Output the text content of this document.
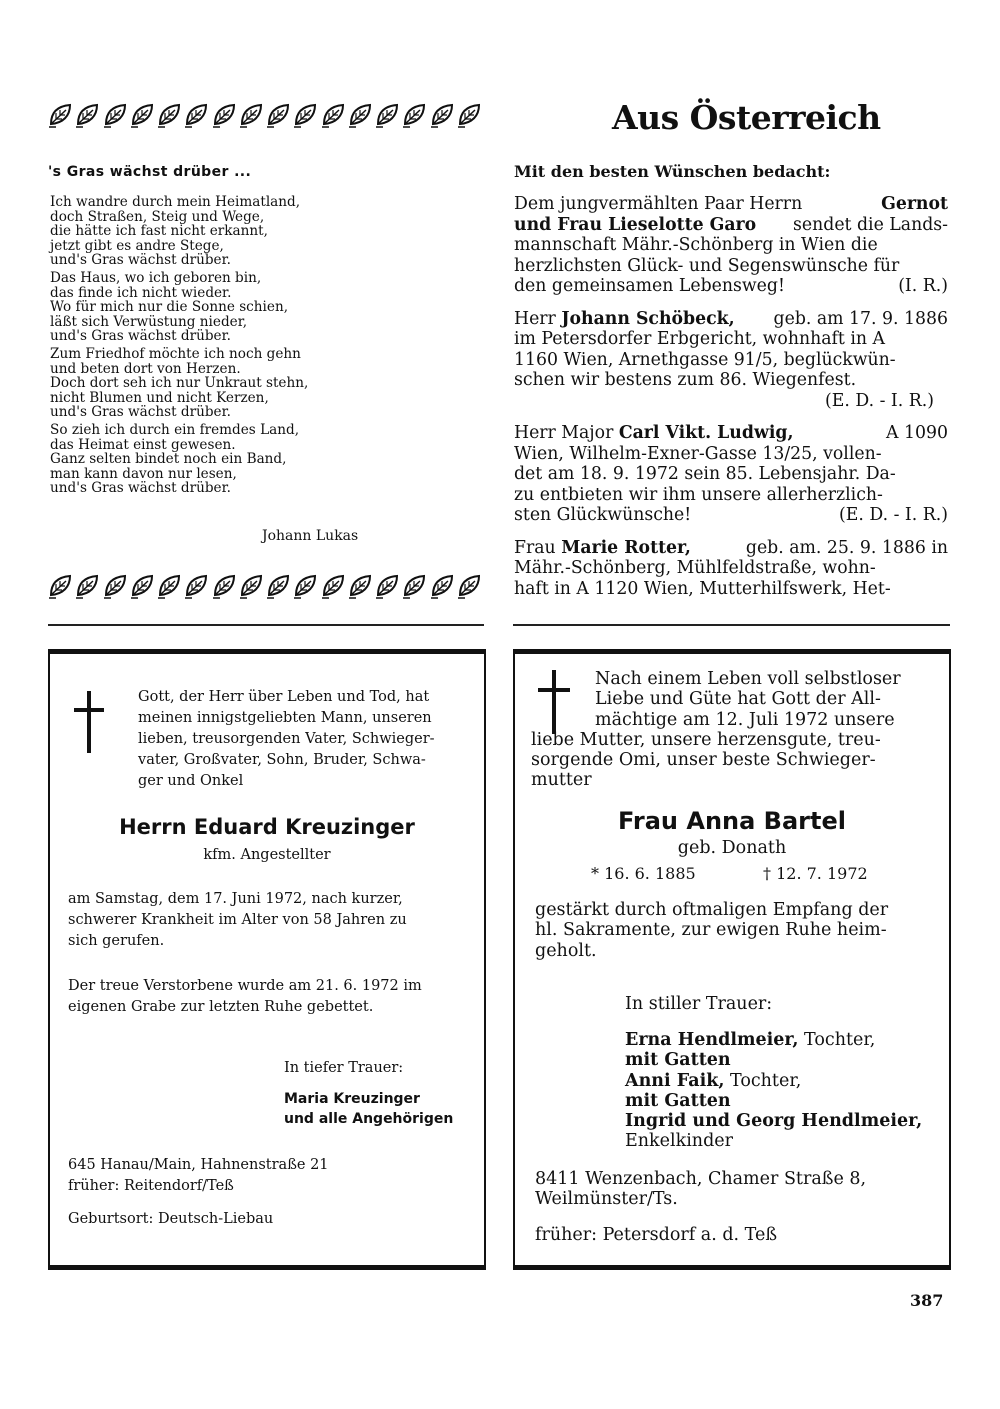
Aus Österreich
's Gras wächst drüber ...
Ich wandre durch mein Heimatland,
doch Straßen, Steig und Wege,
die hätte ich fast nicht erkannt,
jetzt gibt es andre Stege,
und's Gras wächst drüber.
Das Haus, wo ich geboren bin,
das finde ich nicht wieder.
Wo für mich nur die Sonne schien,
läßt sich Verwüstung nieder,
und's Gras wächst drüber.
Zum Friedhof möchte ich noch gehn
und beten dort von Herzen.
Doch dort seh ich nur Unkraut stehn,
nicht Blumen und nicht Kerzen,
und's Gras wächst drüber.
So zieh ich durch ein fremdes Land,
das Heimat einst gewesen.
Ganz selten bindet noch ein Band,
man kann davon nur lesen,
und's Gras wächst drüber.
Johann Lukas
Mit den besten Wünschen bedacht:
Dem jungvermählten Paar Herrn	Gernot
und Frau Lieselotte Garo sendet die Lands-
mannschaft Mähr.-Schönberg in Wien die
herzlichsten Glück- und Segenswünsche für
den gemeinsamen Lebensweg!	(I. R.)
Herr Johann Schöbeck, geb. am 17. 9. 1886
im Petersdorfer Erbgericht, wohnhaft in A
1160 Wien, Arnethgasse 91/5, beglückwün-
schen wir bestens zum 86. Wiegenfest.
(E. D. - I. R.)
Herr Major Carl Vikt. Ludwig,	A 1090
Wien, Wilhelm-Exner-Gasse 13/25, vollen-
det am 18. 9. 1972 sein 85. Lebensjahr. Da-
zu entbieten wir ihm unsere allerherzlich-
sten Glückwünsche!	(E. D. - I. R.)
Frau Marie Rotter,	geb. am. 25. 9. 1886 in
Mähr.-Schönberg, Mühlfeldstraße, wohn-
haft in A 1120 Wien, Mutterhilfswerk, Het-
Gott, der Herr über Leben und Tod, hat
meinen innigstgeliebten Mann, unseren
lieben, treusorgenden Vater, Schwieger-
vater, Großvater, Sohn, Bruder, Schwa-
ger und Onkel
Herrn Eduard Kreuzinger
kfm. Angestellter
am Samstag, dem 17. Juni 1972, nach kurzer,
schwerer Krankheit im Alter von 58 Jahren zu
sich gerufen.
Der treue Verstorbene wurde am 21. 6. 1972 im
eigenen Grabe zur letzten Ruhe gebettet.
In tiefer Trauer:
Maria Kreuzinger
und alle Angehörigen
645 Hanau/Main, Hahnenstraße 21
früher: Reitendorf/Teß
Geburtsort: Deutsch-Liebau
Nach einem Leben voll selbstloser
Liebe und Güte hat Gott der All-
mächtige am 12. Juli 1972 unsere
liebe Mutter, unsere herzensgute, treu-
sorgende Omi, unser beste Schwieger-
mutter
Frau Anna Bartel
geb. Donath
* 16. 6. 1885	† 12. 7. 1972
gestärkt durch oftmaligen Empfang der
hl. Sakramente, zur ewigen Ruhe heim-
geholt.
In stiller Trauer:
Erna Hendlmeier, Tochter,
mit Gatten
Anni Faik, Tochter,
mit Gatten
Ingrid und Georg Hendlmeier,
Enkelkinder
8411 Wenzenbach, Chamer Straße 8,
Weilmünster/Ts.
früher: Petersdorf a. d. Teß
387
